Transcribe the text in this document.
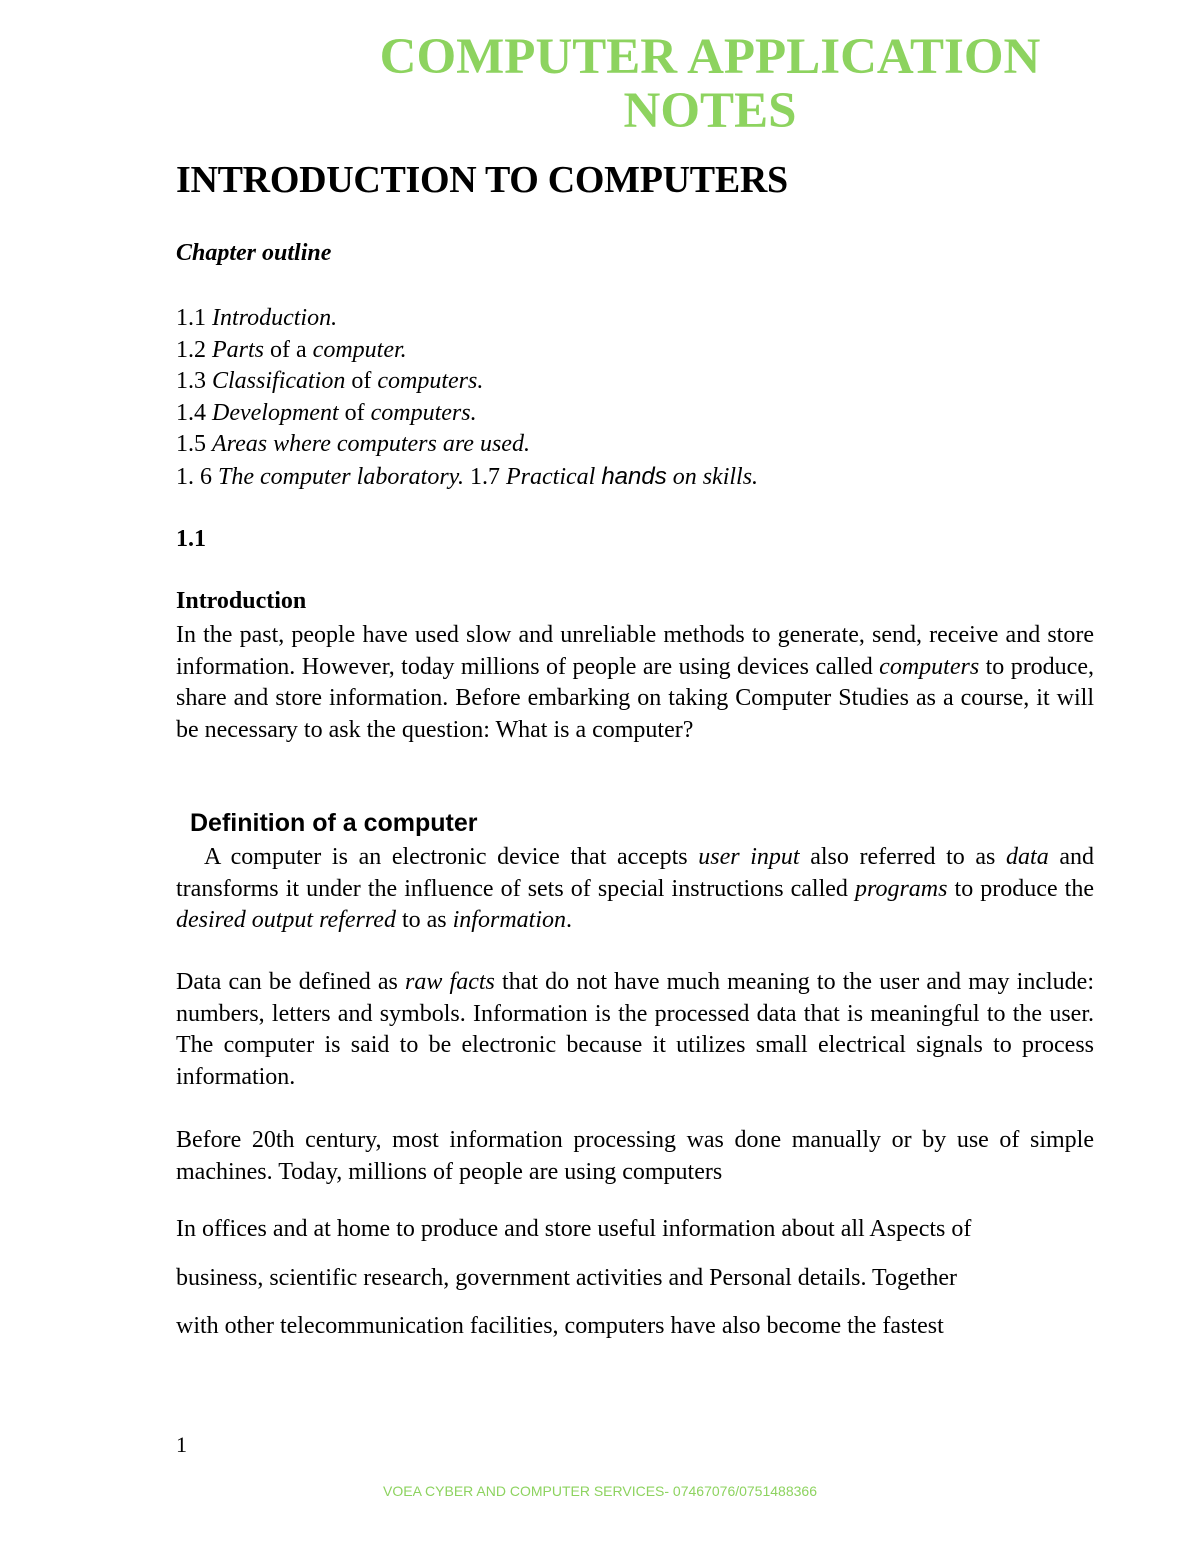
COMPUTER APPLICATION
NOTES
INTRODUCTION TO COMPUTERS

Chapter outline

1.1 Introduction.
1.2 Parts of a computer.
1.3 Classification of computers.
1.4 Development of computers.
1.5 Areas where computers are used.
1. 6 The computer laboratory. 1.7 Practical hands on skills.

1.1

Introduction

In the past, people have used slow and unreliable methods to generate, send, receive and store information. However, today millions of people are using devices called computers to produce, share and store information. Before embarking on taking Computer Studies as a course, it will be necessary to ask the question: What is a computer?

Definition of a computer

A computer is an electronic device that accepts user input also referred to as data and transforms it under the influence of sets of special instructions called programs to produce the desired output referred to as information.

Data can be defined as raw facts that do not have much meaning to the user and may include: numbers, letters and symbols. Information is the processed data that is meaningful to the user. The computer is said to be electronic because it utilizes small electrical signals to process information.

Before 20th century, most information processing was done manually or by use of simple machines. Today, millions of people are using computers

In offices and at home to produce and store useful information about all Aspects of
business, scientific research, government activities and Personal details. Together
with other telecommunication facilities, computers have also become the fastest

1

VOEA CYBER AND COMPUTER SERVICES- 07467076/0751488366
